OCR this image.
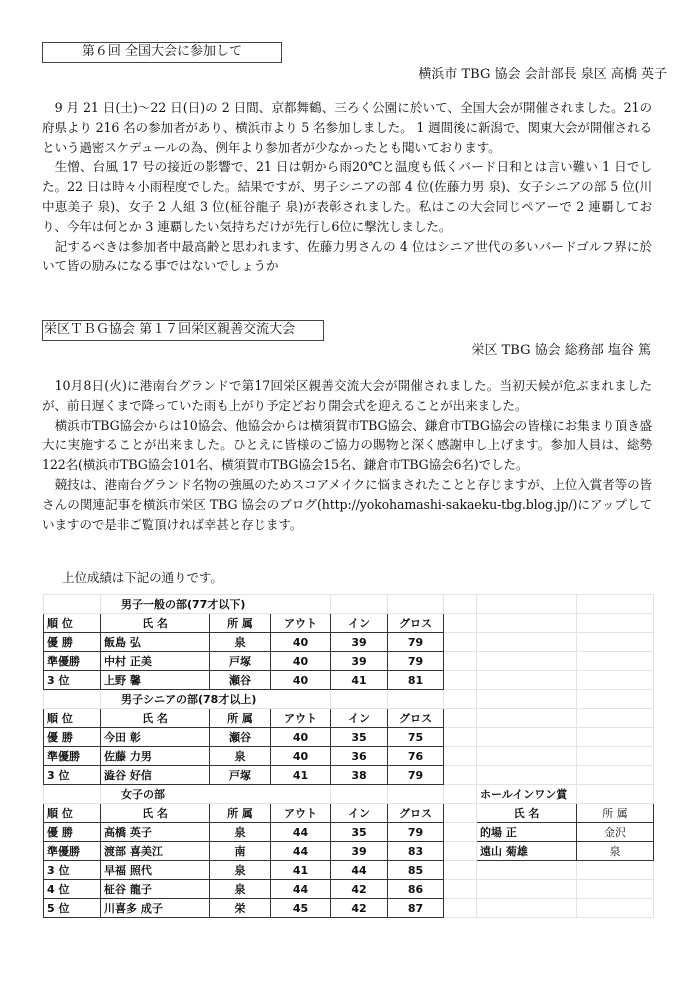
第６回 全国大会に参加して
横浜市 TBG 協会 会計部長 泉区 高橋 英子

9 月 21 日(土)～22 日(日)の 2 日間、京都舞鶴、三ろく公園に於いて、全国大会が開催されました。21の府県より 216 名の参加者があり、横浜市より 5 名参加しました。 1 週間後に新潟で、関東大会が開催されるという過密スケデュールの為、例年より参加者が少なかったとも聞いております。

生憎、台風 17 号の接近の影響で、21 日は朝から雨20℃と温度も低くバード日和とは言い難い 1 日でした。22 日は時々小雨程度でした。結果ですが、男子シニアの部 4 位(佐藤力男 泉)、女子シニアの部 5 位(川中恵美子 泉)、女子 2 人組 3 位(柾谷龍子 泉)が表彰されました。私はこの大会同じペアーで 2 連覇しており、今年は何とか 3 連覇したい気持ちだけが先行し6位に撃沈しました。

記するべきは参加者中最高齢と思われます、佐藤力男さんの 4 位はシニア世代の多いバードゴルフ界に於いて皆の励みになる事ではないでしょうか

栄区ＴＢＧ協会 第１７回栄区親善交流大会
栄区 TBG 協会 総務部 塩谷 篤

10月8日(火)に港南台グランドで第17回栄区親善交流大会が開催されました。当初天候が危ぶまれましたが、前日遅くまで降っていた雨も上がり予定どおり開会式を迎えることが出来ました。

横浜市TBG協会からは10協会、他協会からは横須賀市TBG協会、鎌倉市TBG協会の皆様にお集まり頂き盛大に実施することが出来ました。ひとえに皆様のご協力の賜物と深く感謝申し上げます。参加人員は、総勢122名(横浜市TBG協会101名、横須賀市TBG協会15名、鎌倉市TBG協会6名)でした。

競技は、港南台グランド名物の強風のためスコアメイクに悩まされたことと存じますが、上位入賞者等の皆さんの関連記事を横浜市栄区 TBG 協会のブログ(http://yokohamashi-sakaeku-tbg.blog.jp/)にアップしていますので是非ご覧頂ければ幸甚と存じます。

上位成績は下記の通りです。
	男子一般の部(77才以下)							
順 位	氏 名	所 属	アウト	イン	グロス			
優 勝	飯島 弘	泉	40	39	79			
準優勝	中村 正美	戸塚	40	39	79			
3 位	上野 馨	瀬谷	40	41	81			
	男子シニアの部(78才以上)							
順 位	氏 名	所 属	アウト	イン	グロス			
優 勝	今田 彰	瀬谷	40	35	75			
準優勝	佐藤 力男	泉	40	36	76			
3 位	澁谷 好信	戸塚	41	38	79			
	女子の部						ホールインワン賞	
順 位	氏 名	所 属	アウト	イン	グロス		氏 名	所 属
優 勝	高橋 英子	泉	44	35	79		的場 正	金沢
準優勝	渡部 喜美江	南	44	39	83		遠山 菊雄	泉
3 位	早福 照代	泉	41	44	85			
4 位	柾谷 龍子	泉	44	42	86			
5 位	川喜多 成子	栄	45	42	87			
